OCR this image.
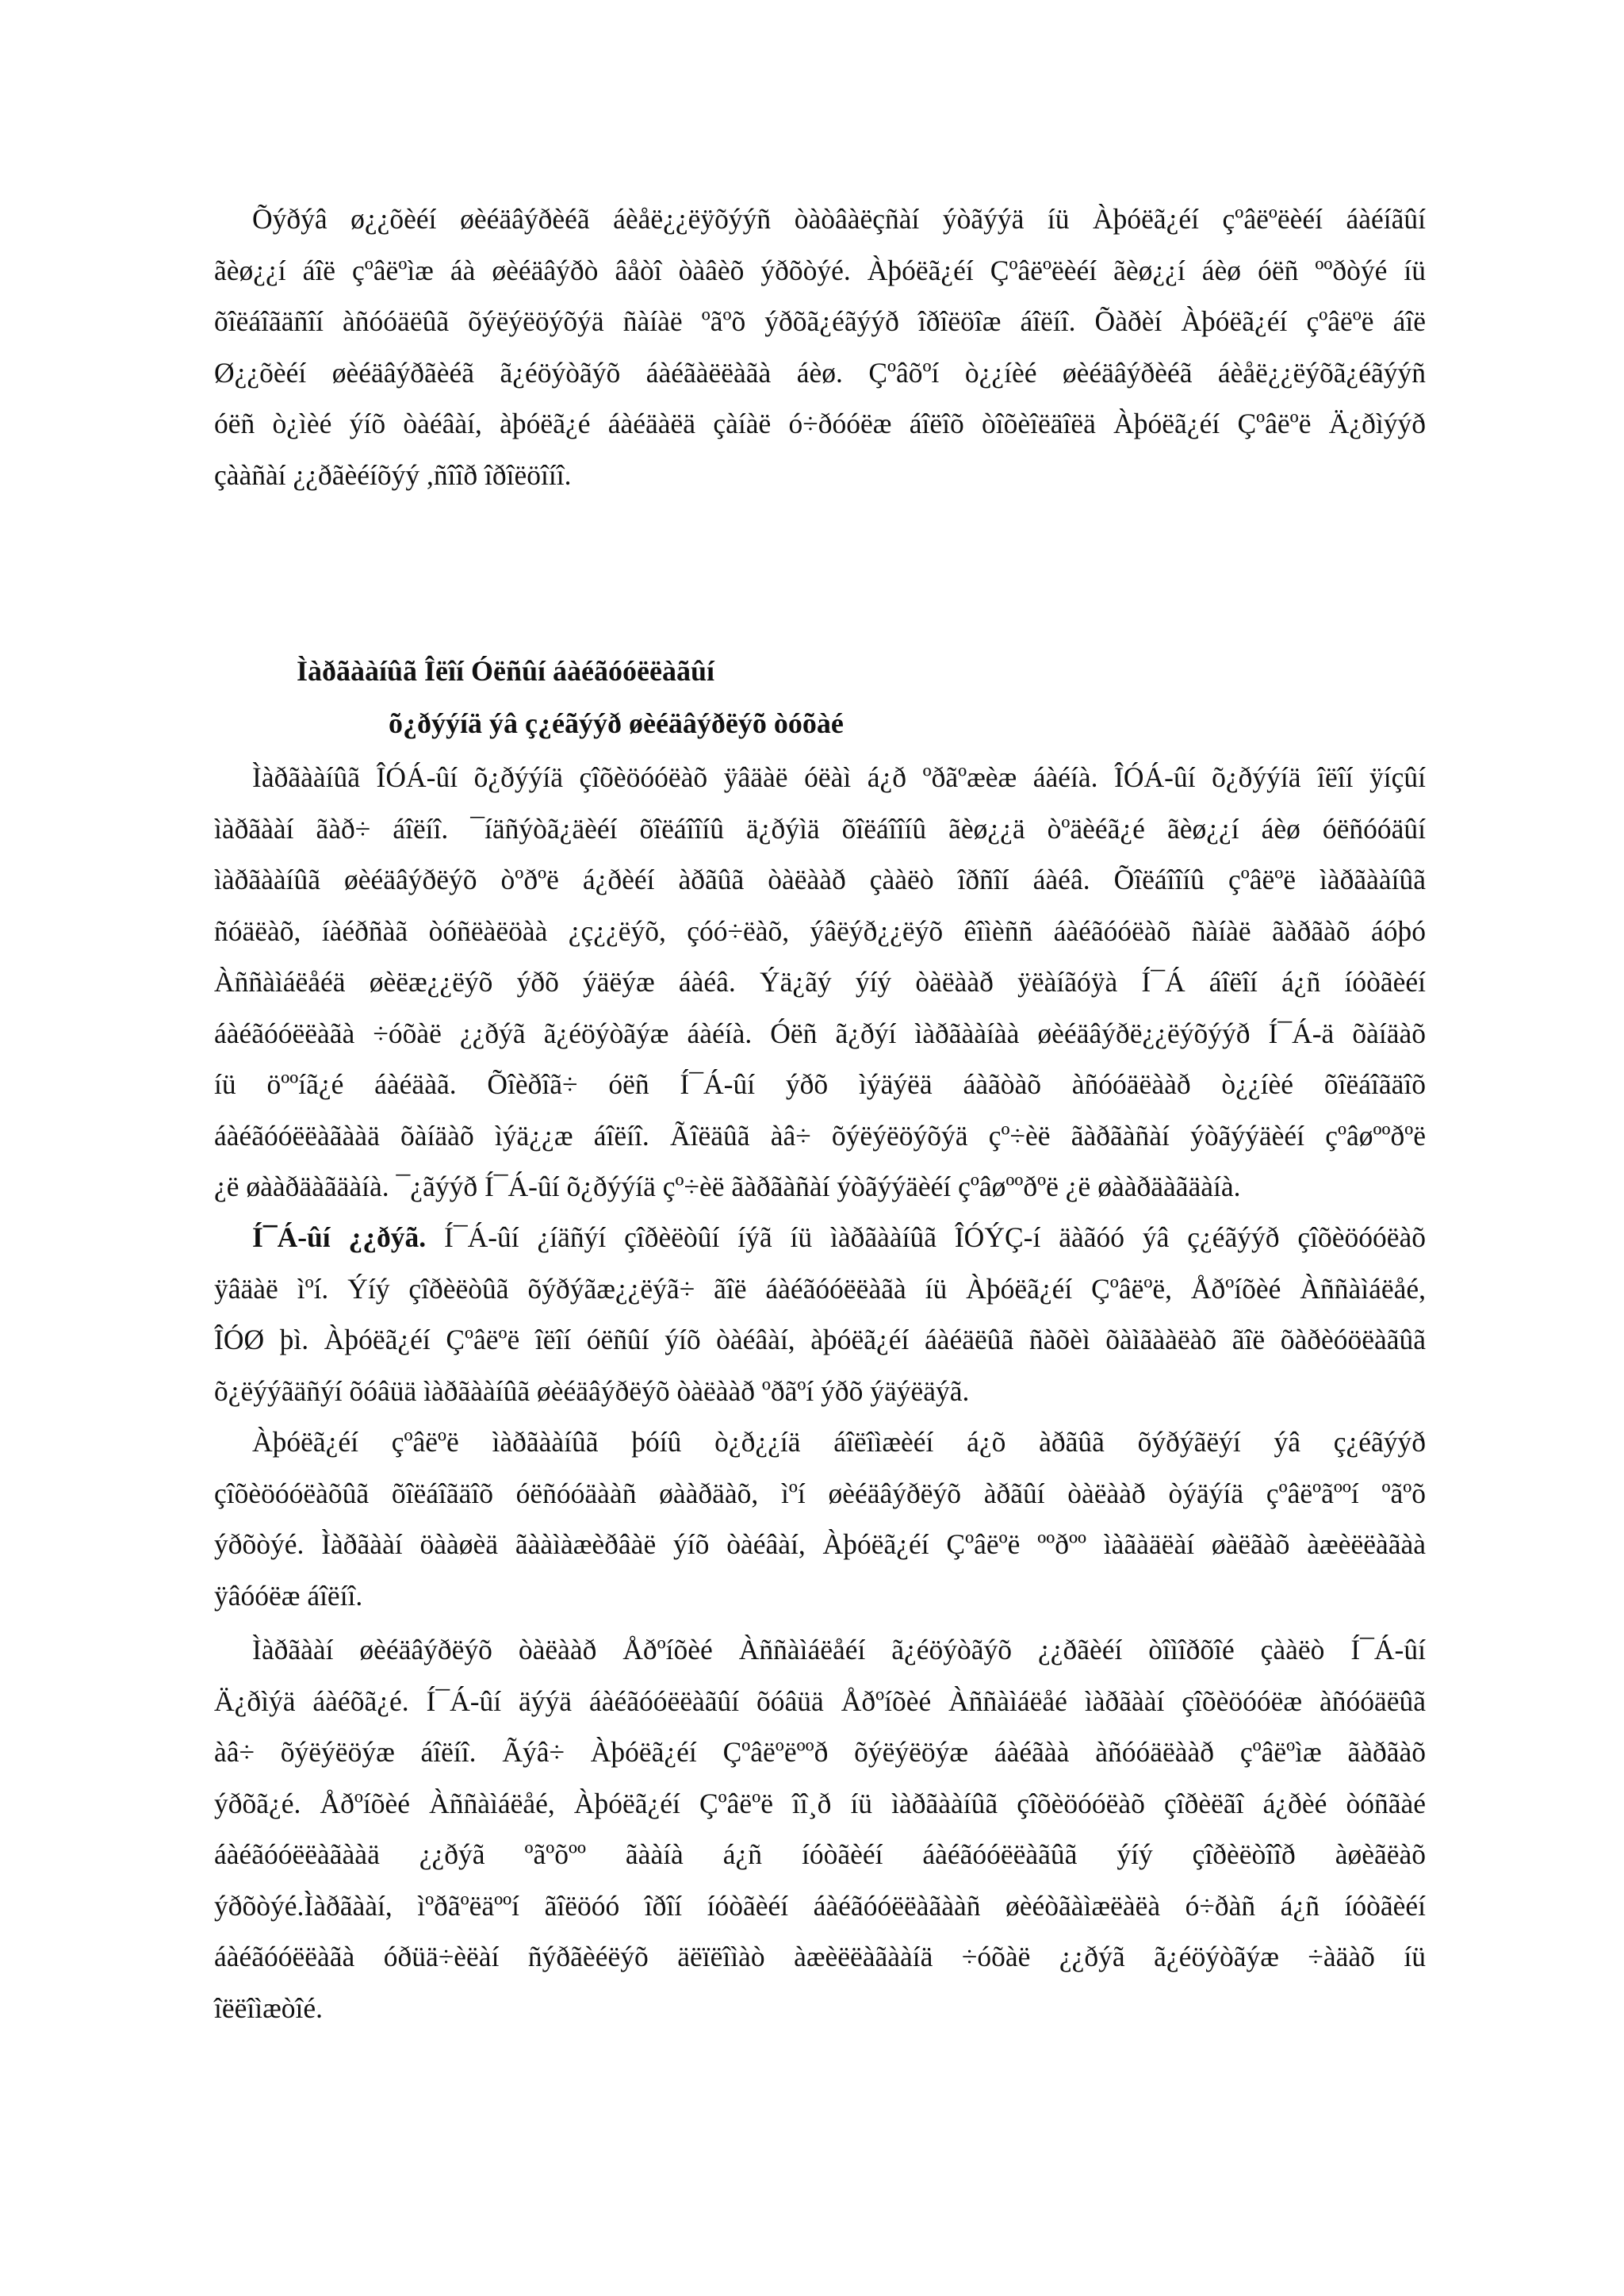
Õýðýâ ø¿¿õèéí øèéäâýðèéã áèåë¿¿ëÿõýýñ òàòâàëçñàí ýòãýýä íü Àþóëã¿éí çºâëºëèéí áàéíãûí
ãèø¿¿í áîë çºâëºìæ áà øèéäâýðò âåòî òàâèõ ýðõòýé. Àþóëã¿éí Çºâëºëèéí ãèø¿¿í áèø óëñ ººðòýé íü
õîëáîãäñîí àñóóäëûã õýëýëöýõýä ñàíàë ºãºõ ýðõã¿éãýýð îðîëöîæ áîëíî. Õàðèí Àþóëã¿éí çºâëºë áîë
Ø¿¿õèéí øèéäâýðãèéã ã¿éöýòãýõ áàéãàëëàãà áèø. Çºâõºí ò¿¿íèé øèéäâýðèéã áèåë¿¿ëýõã¿éãýýñ
óëñ ò¿ìèé ýíõ òàéâàí, àþóëã¿é áàéäàëä çàíàë ó÷ðóóëæ áîëîõ òîõèîëäîëä Àþóëã¿éí Çºâëºë Ä¿ðìýýð
çààñàí ¿¿ðãèéíõýý ,ñîîð îðîëöîíî.
Ìàðãààíûã Îëîí Óëñûí áàéãóóëëàãûí
õ¿ðýýíä ýâ ç¿éãýýð øèéäâýðëýõ òóõàé
Ìàðãààíûã ÎÓÁ-ûí õ¿ðýýíä çîõèöóóëàõ ÿâäàë óëàì á¿ð ºðãºæèæ áàéíà. ÎÓÁ-ûí õ¿ðýýíä îëîí ÿíçûí
ìàðãààí ãàð÷ áîëíî. ¯íäñýòã¿äèéí õîëáîîíû ä¿ðýìä õîëáîîíû ãèø¿¿ä òºäèéã¿é ãèø¿¿í áèø óëñóóäûí
ìàðãààíûã øèéäâýðëýõ òºðºë á¿ðèéí àðãûã òàëààð çààëò îðñîí áàéâ. Õîëáîîíû çºâëºë ìàðãààíûã
ñóäëàõ, íàéðñàã òóñëàëöàà ¿ç¿¿ëýõ, çóó÷ëàõ, ýâëýð¿¿ëýõ êîìèññ áàéãóóëàõ ñàíàë ãàðãàõ áóþó
Àññàìáëåéä øèëæ¿¿ëýõ ýðõ ýäëýæ áàéâ. Ýä¿ãý ýíý òàëààð ÿëàíãóÿà Í¯Á áîëîí á¿ñ íóòãèéí
áàéãóóëëàãà ÷óõàë ¿¿ðýã ã¿éöýòãýæ áàéíà. Óëñ ã¿ðýí ìàðãààíàà øèéäâýðë¿¿ëýõýýð Í¯Á-ä õàíäàõ
íü öººíã¿é áàéäàã. Õîèðîã÷ óëñ Í¯Á-ûí ýðõ ìýäýëä áàãòàõ àñóóäëààð ò¿¿íèé õîëáîãäîõ
áàéãóóëëàãààä õàíäàõ ìýä¿¿æ áîëíî. Ãîëäûã àâ÷ õýëýëöýõýä çº÷èë ãàðãàñàí ýòãýýäèéí çºâøººðºë
¿ë øààðäàãäàíà. ¯¿ãýýð Í¯Á-ûí õ¿ðýýíä çº÷èë ãàðãàñàí ýòãýýäèéí çºâøººðºë ¿ë øààðäàãäàíà.
Í¯Á-ûí ¿¿ðýã. Í¯Á-ûí ¿íäñýí çîðèëòûí íýã íü ìàðãààíûã ÎÓÝÇ-í äàãóó ýâ ç¿éãýýð çîõèöóóëàõ
ÿâäàë ìºí. Ýíý çîðèëòûã õýðýãæ¿¿ëýã÷ ãîë áàéãóóëëàãà íü Àþóëã¿éí Çºâëºë, Åðºíõèé Àññàìáëåé,
ÎÓØ þì. Àþóëã¿éí Çºâëºë îëîí óëñûí ýíõ òàéâàí, àþóëã¿éí áàéäëûã ñàõèì õàìãààëàõ ãîë õàðèóöëàãûã
õ¿ëýýãäñýí õóâüä ìàðãààíûã øèéäâýðëýõ òàëààð ºðãºí ýðõ ýäýëäýã.
Àþóëã¿éí çºâëºë ìàðãààíûã þóíû ò¿ð¿¿íä áîëîìæèéí á¿õ àðãûã õýðýãëýí ýâ ç¿éãýýð
çîõèöóóëàõûã õîëáîãäîõ óëñóóäààñ øààðäàõ, ìºí øèéäâýðëýõ àðãûí òàëààð òýäýíä çºâëºãººí ºãºõ
ýðõòýé. Ìàðãààí öààøèä ãààìàæèðâàë ýíõ òàéâàí, Àþóëã¿éí Çºâëºë ººðºº ìàãàäëàí øàëãàõ àæèëëàãàà
ÿâóóëæ áîëíî.
Ìàðãààí øèéäâýðëýõ òàëààð Åðºíõèé Àññàìáëåéí ã¿éöýòãýõ ¿¿ðãèéí òîìîðõîé çààëò Í¯Á-ûí
Ä¿ðìýä áàéõã¿é. Í¯Á-ûí äýýä áàéãóóëëàãûí õóâüä Åðºíõèé Àññàìáëåé ìàðãààí çîõèöóóëæ àñóóäëûã
àâ÷ õýëýëöýæ áîëíî. Ãýâ÷ Àþóëã¿éí Çºâëºëººð õýëýëöýæ áàéãàà àñóóäëààð çºâëºìæ ãàðãàõ
ýðõã¿é. Åðºíõèé Àññàìáëåé, Àþóëã¿éí Çºâëºë îî¸ð íü ìàðãààíûã çîõèöóóëàõ çîðèëãî á¿ðèé òóñãàé
áàéãóóëëàãààä ¿¿ðýã ºãºõºº ãààíà á¿ñ íóòãèéí áàéãóóëëàãûã ýíý çîðèëòîîð àøèãëàõ
ýðõòýé.Ìàðãààí, ìºðãºëäººí ãîëöóó îðîí íóòãèéí áàéãóóëëàãààñ øèéòãàìæëàëà ó÷ðàñ á¿ñ íóòãèéí
áàéãóóëëàãà óðüä÷èëàí ñýðãèéëýõ äëïëîìàò àæèëëàãààíä ÷óõàë ¿¿ðýã ã¿éöýòãýæ ÷àäàõ íü
îëëîìæòîé.
